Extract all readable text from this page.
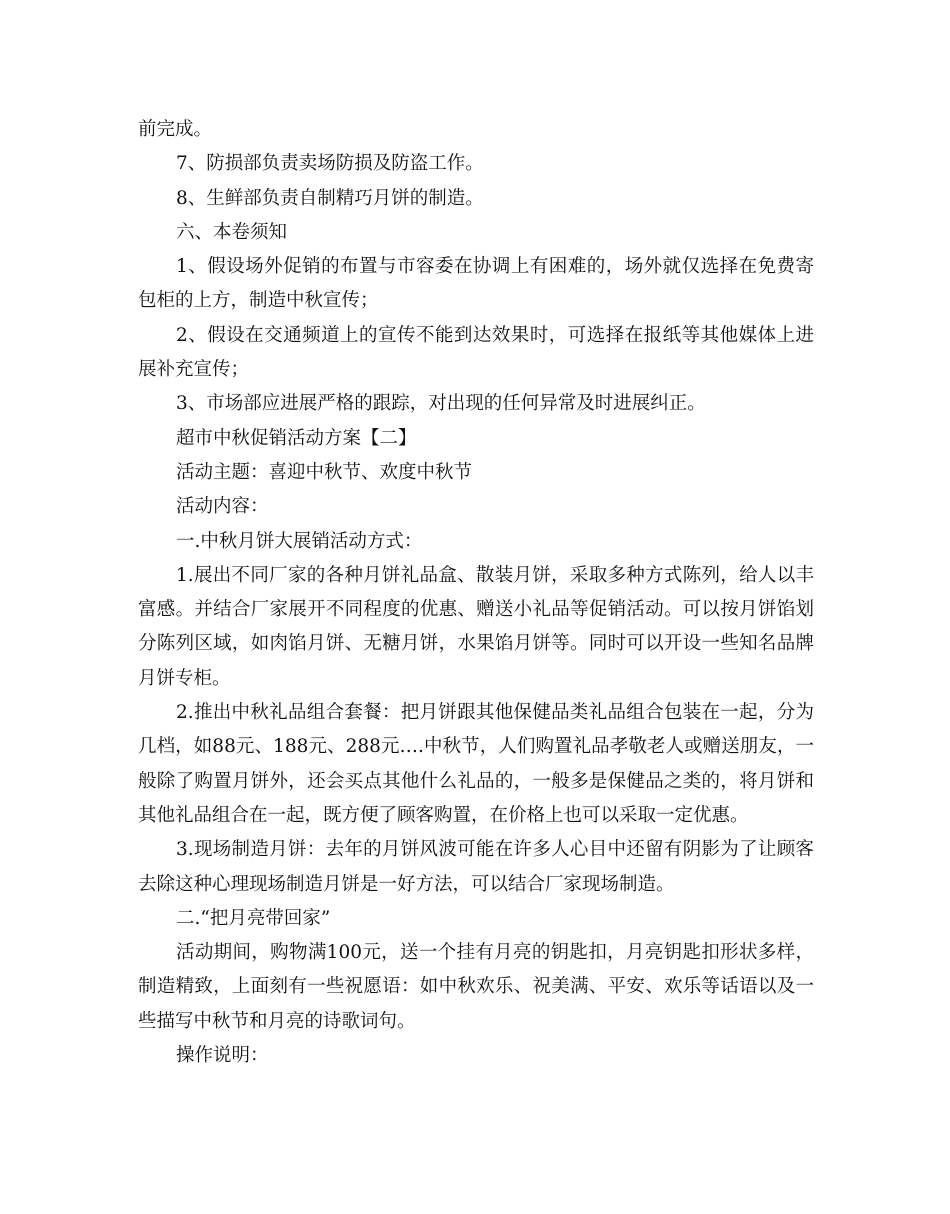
前完成。

7、防损部负责卖场防损及防盗工作。

8、生鲜部负责自制精巧月饼的制造。

六、本卷须知

1、假设场外促销的布置与市容委在协调上有困难的，场外就仅选择在免费寄包柜的上方，制造中秋宣传；

2、假设在交通频道上的宣传不能到达效果时，可选择在报纸等其他媒体上进展补充宣传；

3、市场部应进展严格的跟踪，对出现的任何异常及时进展纠正。

超市中秋促销活动方案【二】

活动主题：喜迎中秋节、欢度中秋节

活动内容：

一.中秋月饼大展销活动方式：

1.展出不同厂家的各种月饼礼品盒、散装月饼，采取多种方式陈列，给人以丰富感。并结合厂家展开不同程度的优惠、赠送小礼品等促销活动。可以按月饼馅划分陈列区域，如肉馅月饼、无糖月饼，水果馅月饼等。同时可以开设一些知名品牌月饼专柜。

2.推出中秋礼品组合套餐：把月饼跟其他保健品类礼品组合包装在一起，分为几档，如88元、188元、288元….中秋节，人们购置礼品孝敬老人或赠送朋友，一般除了购置月饼外，还会买点其他什么礼品的，一般多是保健品之类的，将月饼和其他礼品组合在一起，既方便了顾客购置，在价格上也可以采取一定优惠。

3.现场制造月饼：去年的月饼风波可能在许多人心目中还留有阴影为了让顾客去除这种心理现场制造月饼是一好方法，可以结合厂家现场制造。

二.“把月亮带回家”

活动期间，购物满100元，送一个挂有月亮的钥匙扣，月亮钥匙扣形状多样，制造精致，上面刻有一些祝愿语：如中秋欢乐、祝美满、平安、欢乐等话语以及一些描写中秋节和月亮的诗歌词句。

操作说明：
